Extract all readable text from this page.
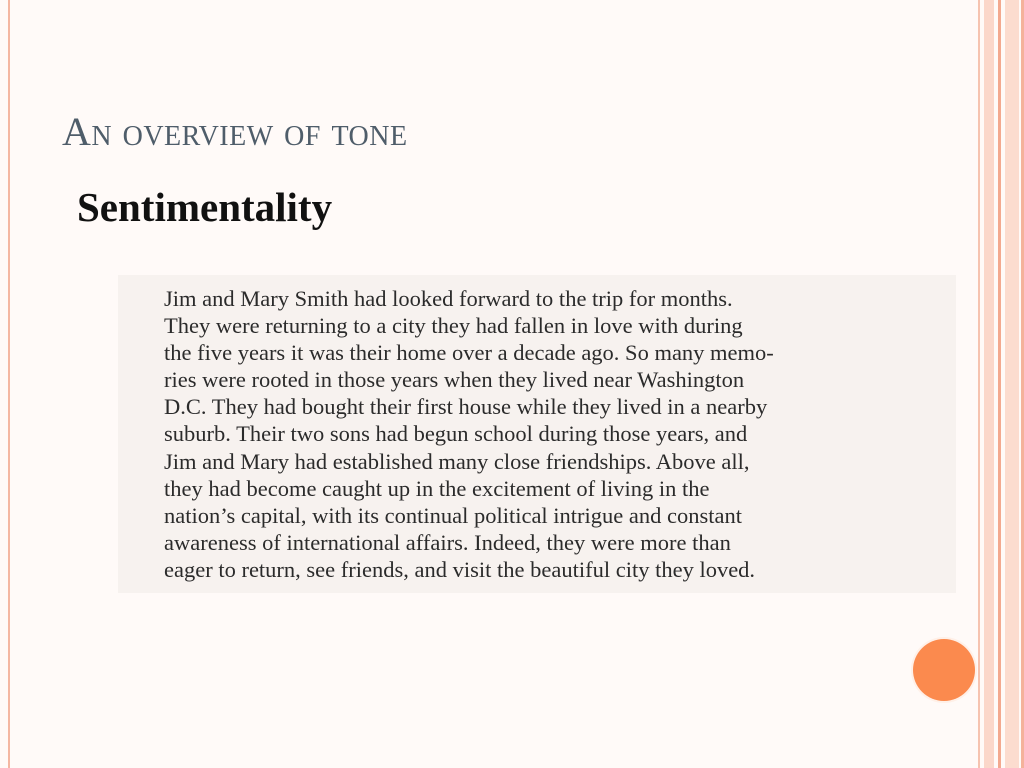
An overview of tone
Sentimentality

Jim and Mary Smith had looked forward to the trip for months.
They were returning to a city they had fallen in love with during
the five years it was their home over a decade ago. So many memo-
ries were rooted in those years when they lived near Washington
D.C. They had bought their first house while they lived in a nearby
suburb. Their two sons had begun school during those years, and
Jim and Mary had established many close friendships. Above all,
they had become caught up in the excitement of living in the
nation’s capital, with its continual political intrigue and constant
awareness of international affairs. Indeed, they were more than
eager to return, see friends, and visit the beautiful city they loved.
